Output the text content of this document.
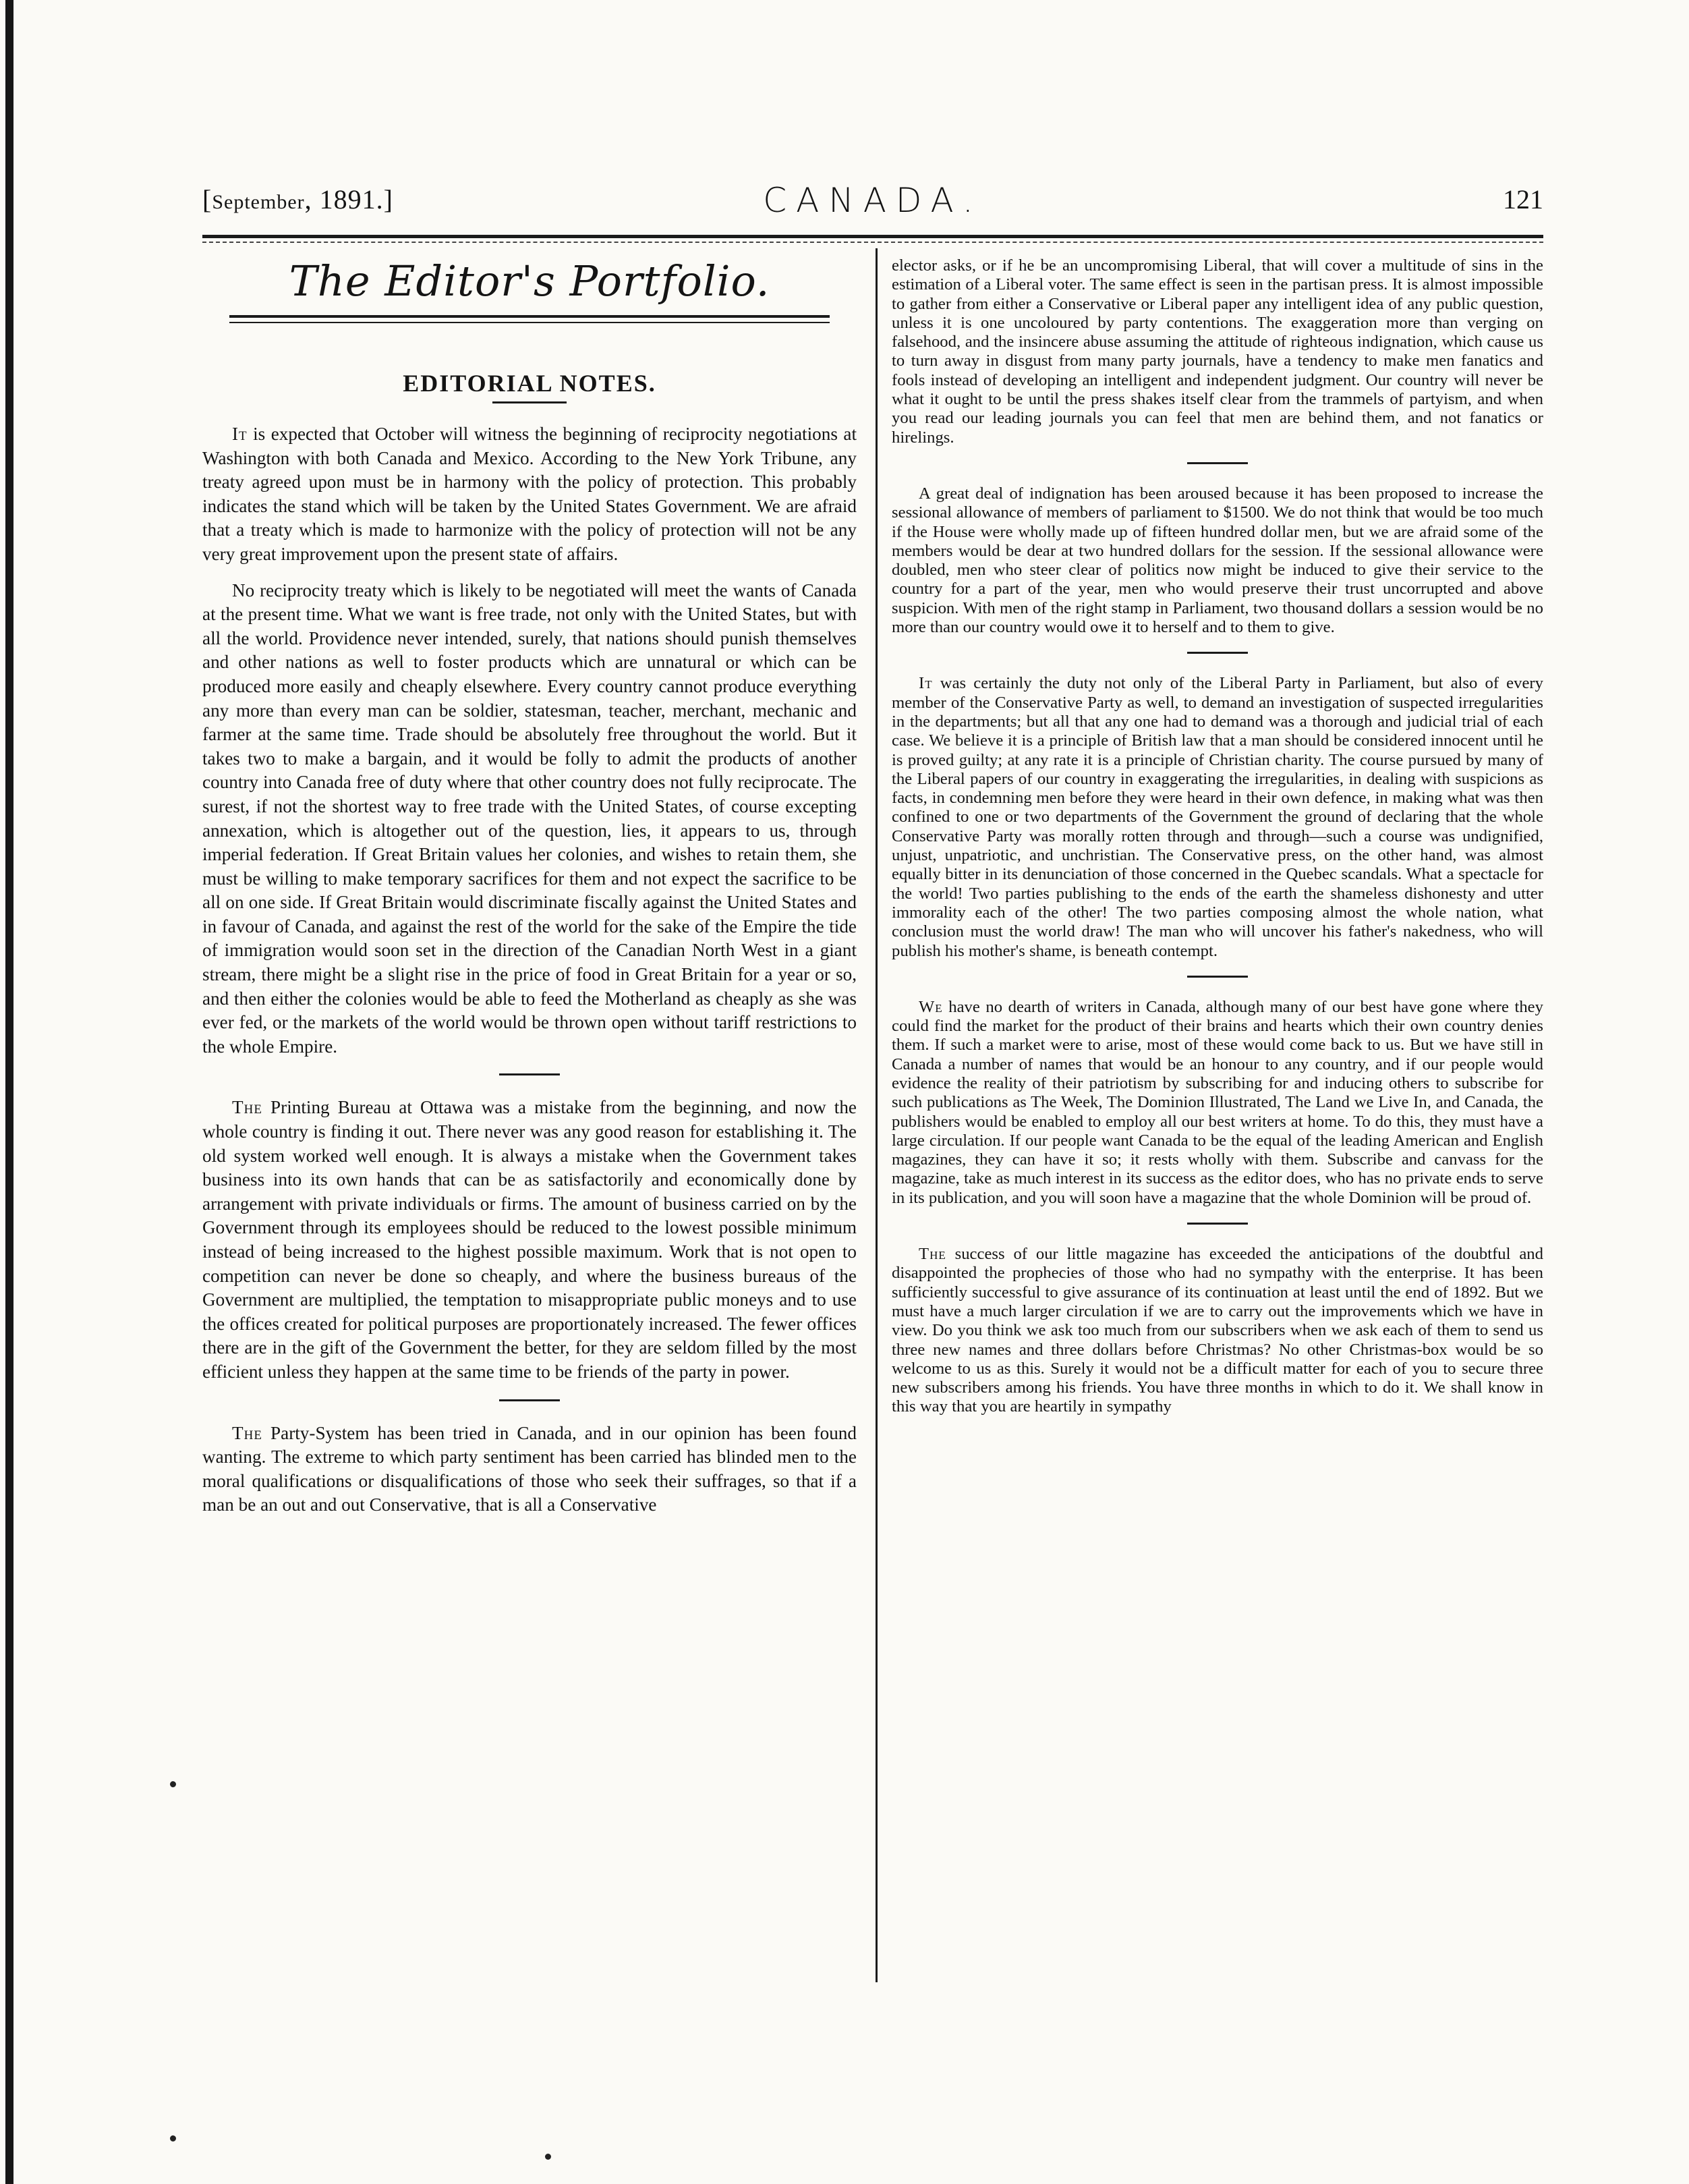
[September, 1891.]	CANADA.	121
The Editor's Portfolio.
EDITORIAL NOTES.

It is expected that October will witness the beginning of reciprocity negotiations at Washington with both Canada and Mexico. According to the New York Tribune, any treaty agreed upon must be in harmony with the policy of protection. This probably indicates the stand which will be taken by the United States Government. We are afraid that a treaty which is made to harmonize with the policy of protection will not be any very great improvement upon the present state of affairs.

No reciprocity treaty which is likely to be negotiated will meet the wants of Canada at the present time. What we want is free trade, not only with the United States, but with all the world. Providence never intended, surely, that nations should punish themselves and other nations as well to foster products which are unnatural or which can be produced more easily and cheaply elsewhere. Every country cannot produce everything any more than every man can be soldier, statesman, teacher, merchant, mechanic and farmer at the same time. Trade should be absolutely free throughout the world. But it takes two to make a bargain, and it would be folly to admit the products of another country into Canada free of duty where that other country does not fully reciprocate. The surest, if not the shortest way to free trade with the United States, of course excepting annexation, which is altogether out of the question, lies, it appears to us, through imperial federation. If Great Britain values her colonies, and wishes to retain them, she must be willing to make temporary sacrifices for them and not expect the sacrifice to be all on one side. If Great Britain would discriminate fiscally against the United States and in favour of Canada, and against the rest of the world for the sake of the Empire the tide of immigration would soon set in the direction of the Canadian North West in a giant stream, there might be a slight rise in the price of food in Great Britain for a year or so, and then either the colonies would be able to feed the Motherland as cheaply as she was ever fed, or the markets of the world would be thrown open without tariff restrictions to the whole Empire.

The Printing Bureau at Ottawa was a mistake from the beginning, and now the whole country is finding it out. There never was any good reason for establishing it. The old system worked well enough. It is always a mistake when the Government takes business into its own hands that can be as satisfactorily and economically done by arrangement with private individuals or firms. The amount of business carried on by the Government through its employees should be reduced to the lowest possible minimum instead of being increased to the highest possible maximum. Work that is not open to competition can never be done so cheaply, and where the business bureaus of the Government are multiplied, the temptation to misappropriate public moneys and to use the offices created for political purposes are proportionately increased. The fewer offices there are in the gift of the Government the better, for they are seldom filled by the most efficient unless they happen at the same time to be friends of the party in power.

The Party-System has been tried in Canada, and in our opinion has been found wanting. The extreme to which party sentiment has been carried has blinded men to the moral qualifications or disqualifications of those who seek their suffrages, so that if a man be an out and out Conservative, that is all a Conservative

elector asks, or if he be an uncompromising Liberal, that will cover a multitude of sins in the estimation of a Liberal voter. The same effect is seen in the partisan press. It is almost impossible to gather from either a Conservative or Liberal paper any intelligent idea of any public question, unless it is one uncoloured by party contentions. The exaggeration more than verging on falsehood, and the insincere abuse assuming the attitude of righteous indignation, which cause us to turn away in disgust from many party journals, have a tendency to make men fanatics and fools instead of developing an intelligent and independent judgment. Our country will never be what it ought to be until the press shakes itself clear from the trammels of partyism, and when you read our leading journals you can feel that men are behind them, and not fanatics or hirelings.

A great deal of indignation has been aroused because it has been proposed to increase the sessional allowance of members of parliament to $1500. We do not think that would be too much if the House were wholly made up of fifteen hundred dollar men, but we are afraid some of the members would be dear at two hundred dollars for the session. If the sessional allowance were doubled, men who steer clear of politics now might be induced to give their service to the country for a part of the year, men who would preserve their trust uncorrupted and above suspicion. With men of the right stamp in Parliament, two thousand dollars a session would be no more than our country would owe it to herself and to them to give.

It was certainly the duty not only of the Liberal Party in Parliament, but also of every member of the Conservative Party as well, to demand an investigation of suspected irregularities in the departments; but all that any one had to demand was a thorough and judicial trial of each case. We believe it is a principle of British law that a man should be considered innocent until he is proved guilty; at any rate it is a principle of Christian charity. The course pursued by many of the Liberal papers of our country in exaggerating the irregularities, in dealing with suspicions as facts, in condemning men before they were heard in their own defence, in making what was then confined to one or two departments of the Government the ground of declaring that the whole Conservative Party was morally rotten through and through—such a course was undignified, unjust, unpatriotic, and unchristian. The Conservative press, on the other hand, was almost equally bitter in its denunciation of those concerned in the Quebec scandals. What a spectacle for the world! Two parties publishing to the ends of the earth the shameless dishonesty and utter immorality each of the other! The two parties composing almost the whole nation, what conclusion must the world draw! The man who will uncover his father's nakedness, who will publish his mother's shame, is beneath contempt.

We have no dearth of writers in Canada, although many of our best have gone where they could find the market for the product of their brains and hearts which their own country denies them. If such a market were to arise, most of these would come back to us. But we have still in Canada a number of names that would be an honour to any country, and if our people would evidence the reality of their patriotism by subscribing for and inducing others to subscribe for such publications as The Week, The Dominion Illustrated, The Land we Live In, and Canada, the publishers would be enabled to employ all our best writers at home. To do this, they must have a large circulation. If our people want Canada to be the equal of the leading American and English magazines, they can have it so; it rests wholly with them. Subscribe and canvass for the magazine, take as much interest in its success as the editor does, who has no private ends to serve in its publication, and you will soon have a magazine that the whole Dominion will be proud of.

The success of our little magazine has exceeded the anticipations of the doubtful and disappointed the prophecies of those who had no sympathy with the enterprise. It has been sufficiently successful to give assurance of its continuation at least until the end of 1892. But we must have a much larger circulation if we are to carry out the improvements which we have in view. Do you think we ask too much from our subscribers when we ask each of them to send us three new names and three dollars before Christmas? No other Christmas-box would be so welcome to us as this. Surely it would not be a difficult matter for each of you to secure three new subscribers among his friends. You have three months in which to do it. We shall know in this way that you are heartily in sympathy
